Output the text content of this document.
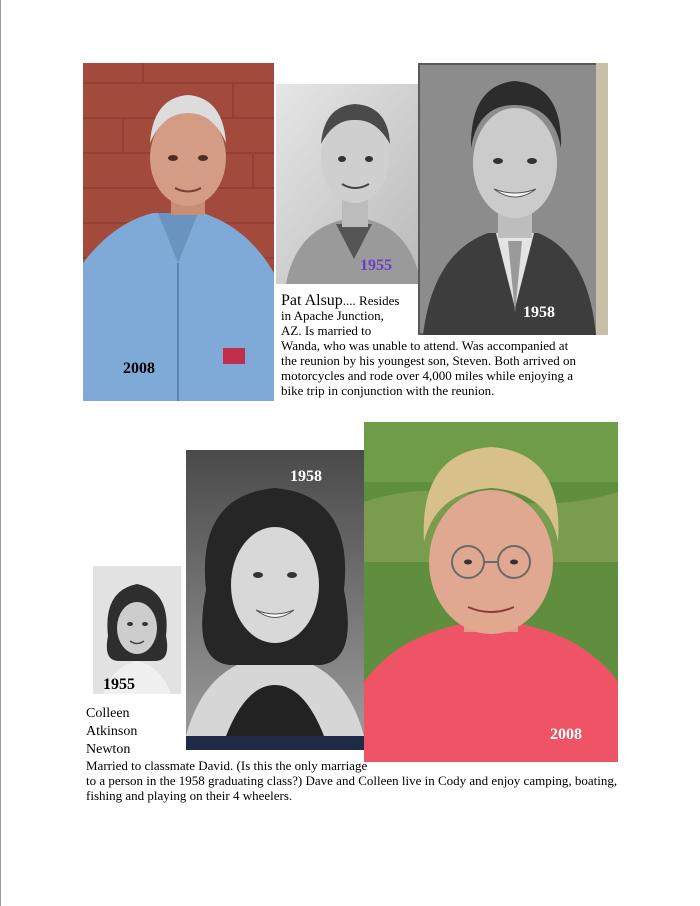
2008
1955
1958
Pat Alsup.... Resides
in Apache Junction,
AZ. Is married to
Wanda, who was unable to attend. Was accompanied at
the reunion by his youngest son, Steven. Both arrived on
motorcycles and rode over 4,000 miles while enjoying a
bike trip in conjunction with the reunion.
1955
1958
2008
Colleen
Atkinson
Newton
Married to classmate David. (Is this the only marriage
to a person in the 1958 graduating class?) Dave and Colleen live in Cody and enjoy camping, boating,
fishing and playing on their 4 wheelers.
